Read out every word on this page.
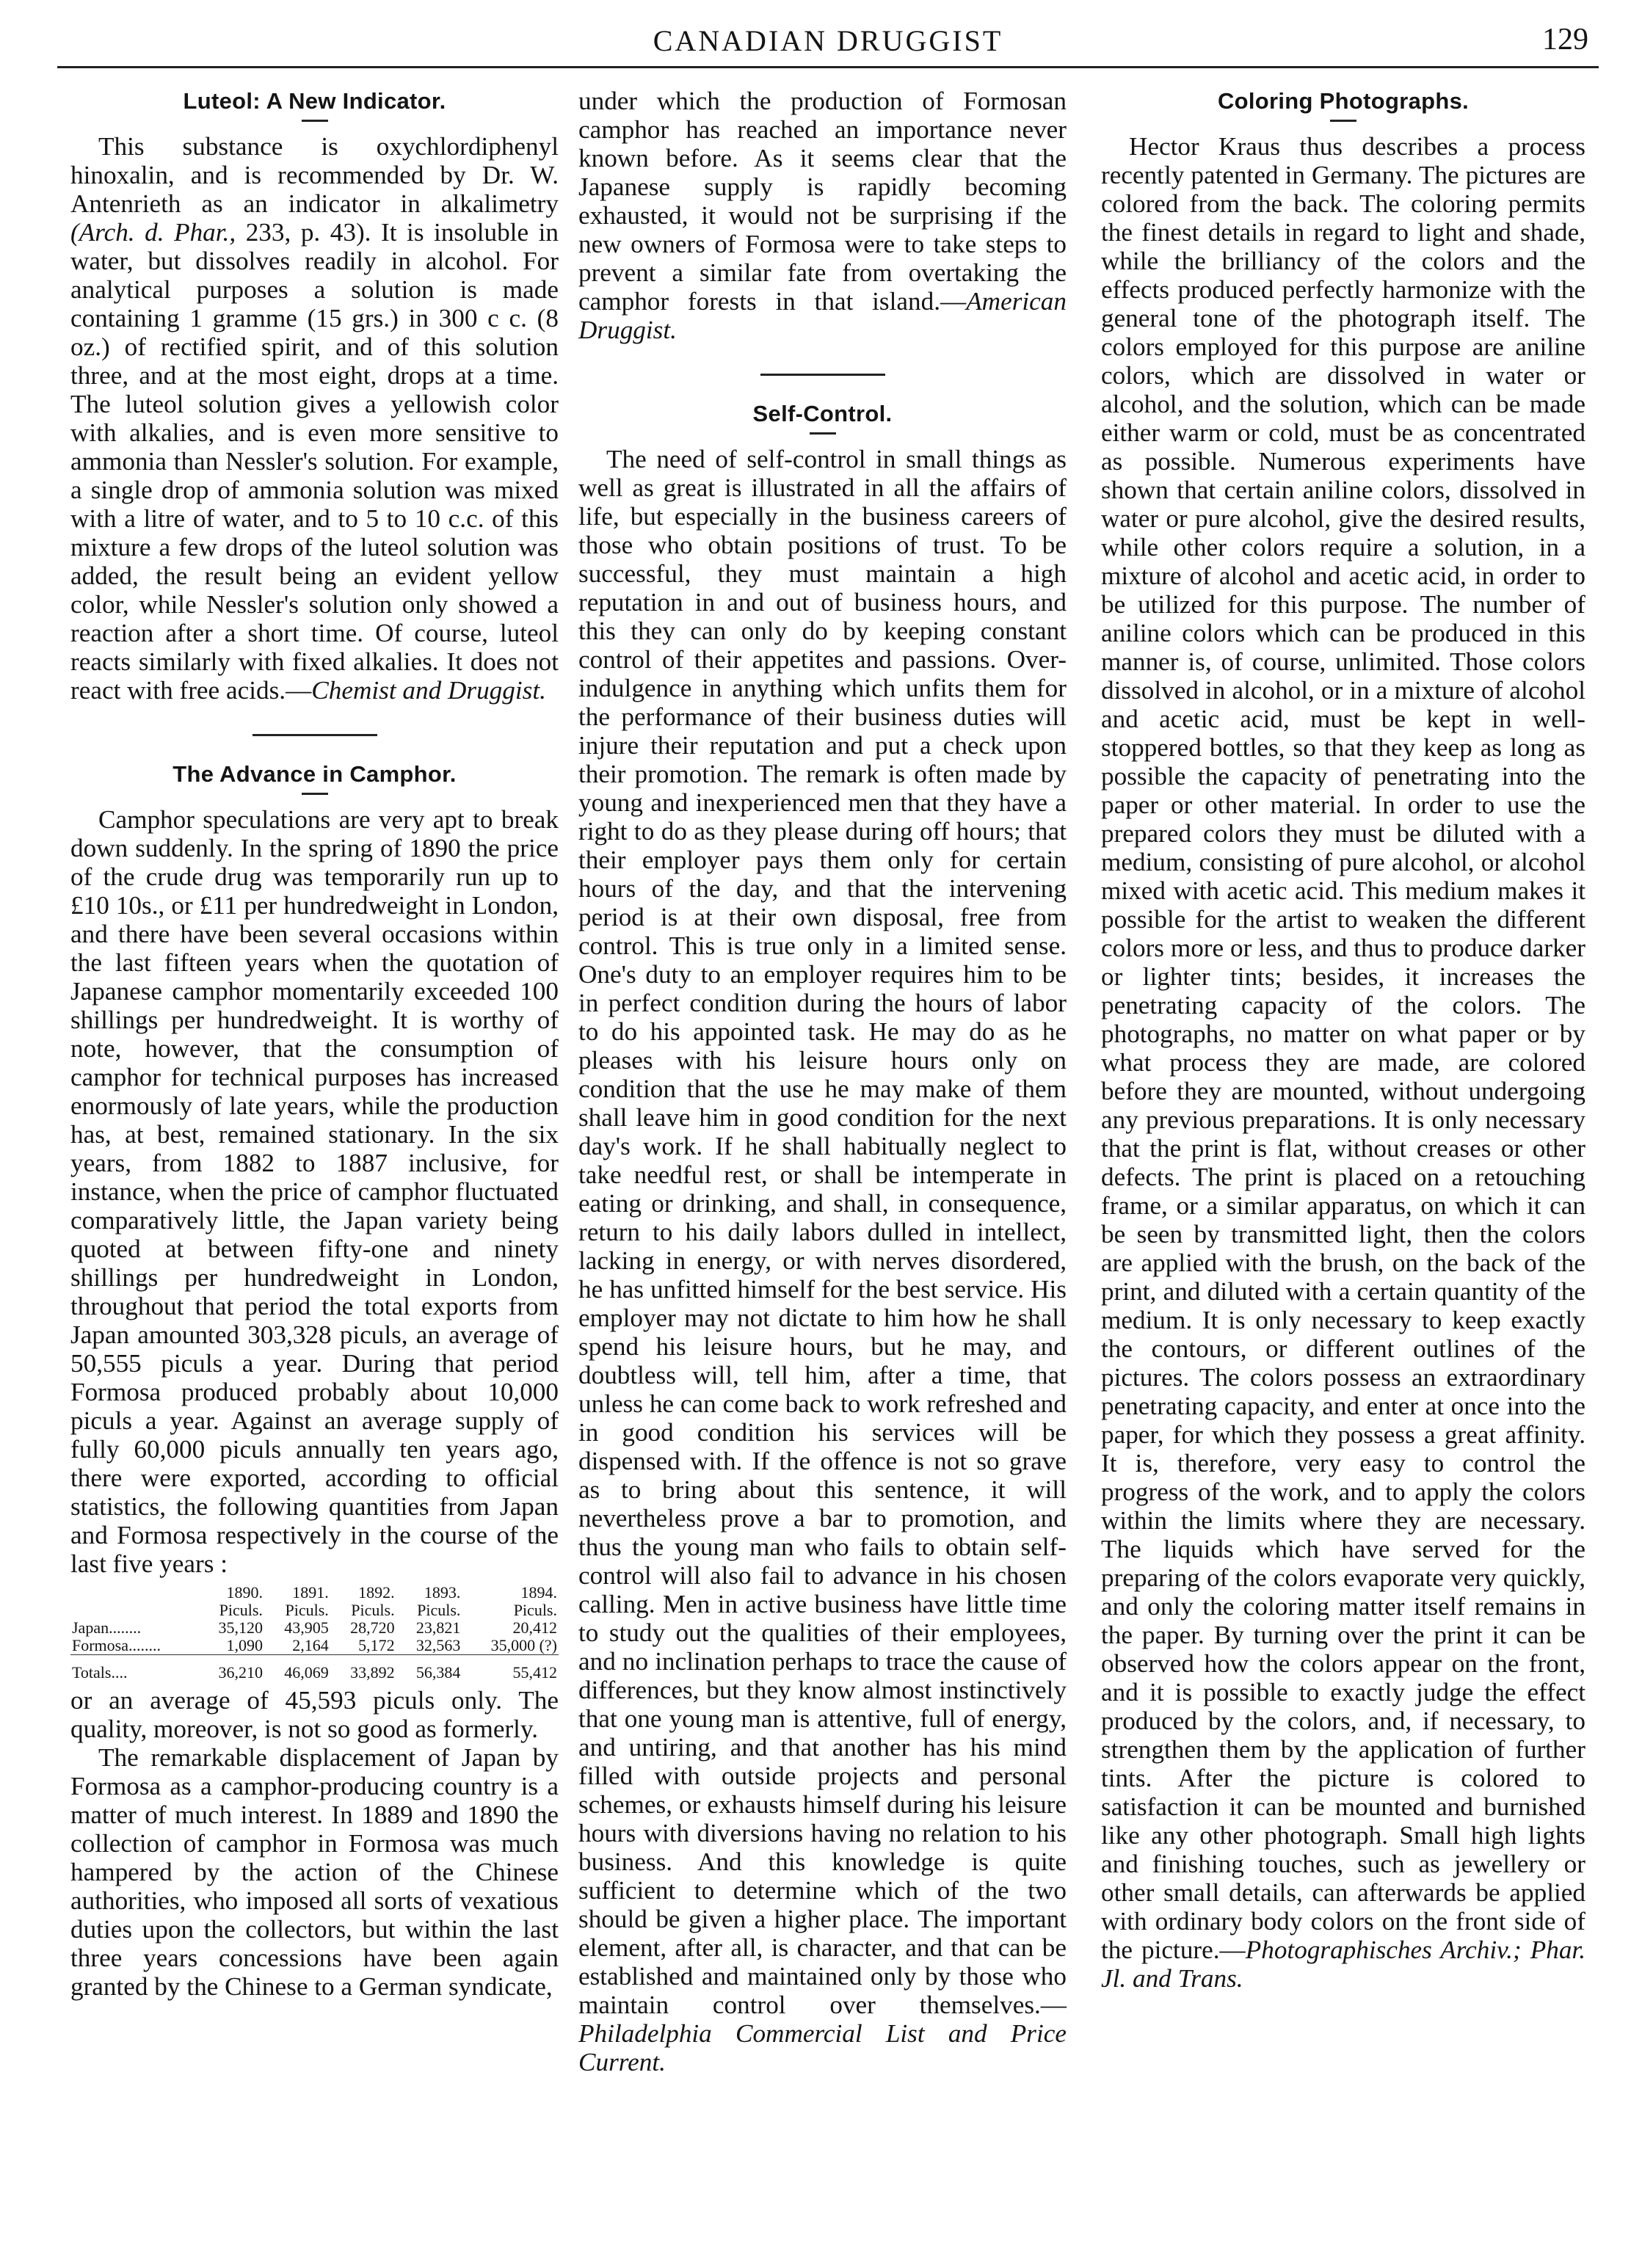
CANADIAN DRUGGIST	129
Luteol: A New Indicator.

This substance is oxychlordiphenyl hinoxalin, and is recommended by Dr. W. Antenrieth as an indicator in alkalimetry (Arch. d. Phar., 233, p. 43). It is insoluble in water, but dissolves readily in alcohol. For analytical purposes a solution is made containing 1 gramme (15 grs.) in 300 c c. (8 oz.) of rectified spirit, and of this solution three, and at the most eight, drops at a time. The luteol solution gives a yellowish color with alkalies, and is even more sensitive to ammonia than Nessler's solution. For example, a single drop of ammonia solution was mixed with a litre of water, and to 5 to 10 c.c. of this mixture a few drops of the luteol solution was added, the result being an evident yellow color, while Nessler's solution only showed a reaction after a short time. Of course, luteol reacts similarly with fixed alkalies. It does not react with free acids.—Chemist and Druggist.

The Advance in Camphor.

Camphor speculations are very apt to break down suddenly. In the spring of 1890 the price of the crude drug was temporarily run up to £10 10s., or £11 per hundredweight in London, and there have been several occasions within the last fifteen years when the quotation of Japanese camphor momentarily exceeded 100 shillings per hundredweight. It is worthy of note, however, that the consumption of camphor for technical purposes has increased enormously of late years, while the production has, at best, remained stationary. In the six years, from 1882 to 1887 inclusive, for instance, when the price of camphor fluctuated comparatively little, the Japan variety being quoted at between fifty-one and ninety shillings per hundredweight in London, throughout that period the total exports from Japan amounted 303,328 piculs, an average of 50,555 piculs a year. During that period Formosa produced probably about 10,000 piculs a year. Against an average supply of fully 60,000 piculs annually ten years ago, there were exported, according to official statistics, the following quantities from Japan and Formosa respectively in the course of the last five years :

	1890.	1891.	1892.	1893.	1894.
	Piculs.	Piculs.	Piculs.	Piculs.	Piculs.
Japan........	35,120	43,905	28,720	23,821	20,412
Formosa........	1,090	2,164	5,172	32,563	35,000 (?)

Totals....	36,210	46,069	33,892	56,384	55,412

or an average of 45,593 piculs only. The quality, moreover, is not so good as formerly.

The remarkable displacement of Japan by Formosa as a camphor-producing country is a matter of much interest. In 1889 and 1890 the collection of camphor in Formosa was much hampered by the action of the Chinese authorities, who imposed all sorts of vexatious duties upon the collectors, but within the last three years concessions have been again granted by the Chinese to a German syndicate,

under which the production of Formosan camphor has reached an importance never known before. As it seems clear that the Japanese supply is rapidly becoming exhausted, it would not be surprising if the new owners of Formosa were to take steps to prevent a similar fate from overtaking the camphor forests in that island.—American Druggist.

Self-Control.

The need of self-control in small things as well as great is illustrated in all the affairs of life, but especially in the business careers of those who obtain positions of trust. To be successful, they must maintain a high reputation in and out of business hours, and this they can only do by keeping constant control of their appetites and passions. Over-indulgence in anything which unfits them for the performance of their business duties will injure their reputation and put a check upon their promotion. The remark is often made by young and inexperienced men that they have a right to do as they please during off hours; that their employer pays them only for certain hours of the day, and that the intervening period is at their own disposal, free from control. This is true only in a limited sense. One's duty to an employer requires him to be in perfect condition during the hours of labor to do his appointed task. He may do as he pleases with his leisure hours only on condition that the use he may make of them shall leave him in good condition for the next day's work. If he shall habitually neglect to take needful rest, or shall be intemperate in eating or drinking, and shall, in consequence, return to his daily labors dulled in intellect, lacking in energy, or with nerves disordered, he has unfitted himself for the best service. His employer may not dictate to him how he shall spend his leisure hours, but he may, and doubtless will, tell him, after a time, that unless he can come back to work refreshed and in good condition his services will be dispensed with. If the offence is not so grave as to bring about this sentence, it will nevertheless prove a bar to promotion, and thus the young man who fails to obtain self-control will also fail to advance in his chosen calling. Men in active business have little time to study out the qualities of their employees, and no inclination perhaps to trace the cause of differences, but they know almost instinctively that one young man is attentive, full of energy, and untiring, and that another has his mind filled with outside projects and personal schemes, or exhausts himself during his leisure hours with diversions having no relation to his business. And this knowledge is quite sufficient to determine which of the two should be given a higher place. The important element, after all, is character, and that can be established and maintained only by those who maintain control over themselves.—Philadelphia Commercial List and Price Current.

Coloring Photographs.

Hector Kraus thus describes a process recently patented in Germany. The pictures are colored from the back. The coloring permits the finest details in regard to light and shade, while the brilliancy of the colors and the effects produced perfectly harmonize with the general tone of the photograph itself. The colors employed for this purpose are aniline colors, which are dissolved in water or alcohol, and the solution, which can be made either warm or cold, must be as concentrated as possible. Numerous experiments have shown that certain aniline colors, dissolved in water or pure alcohol, give the desired results, while other colors require a solution, in a mixture of alcohol and acetic acid, in order to be utilized for this purpose. The number of aniline colors which can be produced in this manner is, of course, unlimited. Those colors dissolved in alcohol, or in a mixture of alcohol and acetic acid, must be kept in well-stoppered bottles, so that they keep as long as possible the capacity of penetrating into the paper or other material. In order to use the prepared colors they must be diluted with a medium, consisting of pure alcohol, or alcohol mixed with acetic acid. This medium makes it possible for the artist to weaken the different colors more or less, and thus to produce darker or lighter tints; besides, it increases the penetrating capacity of the colors. The photographs, no matter on what paper or by what process they are made, are colored before they are mounted, without undergoing any previous preparations. It is only necessary that the print is flat, without creases or other defects. The print is placed on a retouching frame, or a similar apparatus, on which it can be seen by transmitted light, then the colors are applied with the brush, on the back of the print, and diluted with a certain quantity of the medium. It is only necessary to keep exactly the contours, or different outlines of the pictures. The colors possess an extraordinary penetrating capacity, and enter at once into the paper, for which they possess a great affinity. It is, therefore, very easy to control the progress of the work, and to apply the colors within the limits where they are necessary. The liquids which have served for the preparing of the colors evaporate very quickly, and only the coloring matter itself remains in the paper. By turning over the print it can be observed how the colors appear on the front, and it is possible to exactly judge the effect produced by the colors, and, if necessary, to strengthen them by the application of further tints. After the picture is colored to satisfaction it can be mounted and burnished like any other photograph. Small high lights and finishing touches, such as jewellery or other small details, can afterwards be applied with ordinary body colors on the front side of the picture.—Photographisches Archiv.; Phar. Jl. and Trans.
